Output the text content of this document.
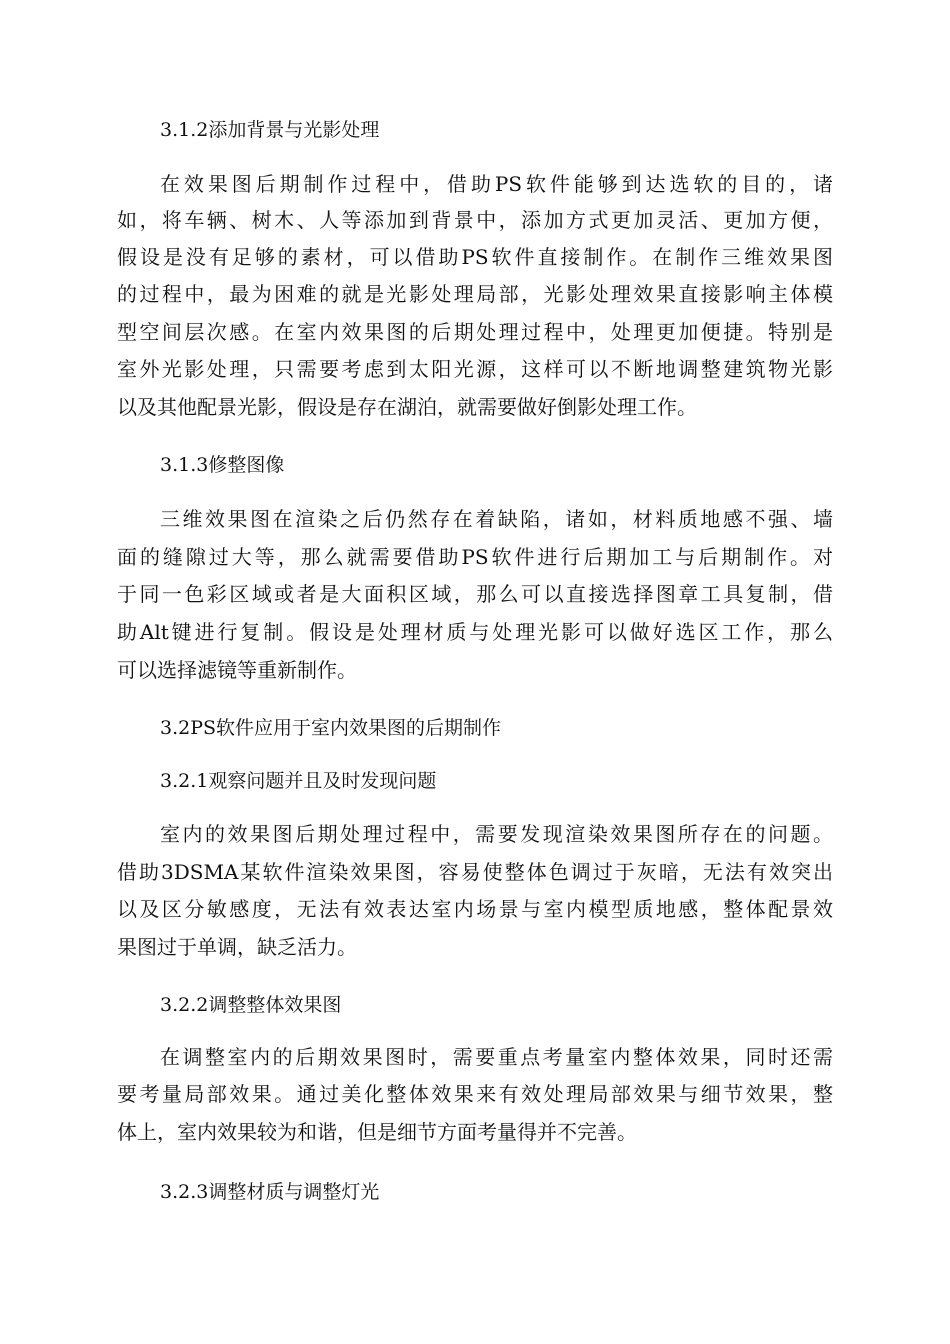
3.1.2添加背景与光影处理

在效果图后期制作过程中，借助PS软件能够到达选软的目的，诸

如，将车辆、树木、人等添加到背景中，添加方式更加灵活、更加方便，

假设是没有足够的素材，可以借助PS软件直接制作。在制作三维效果图

的过程中，最为困难的就是光影处理局部，光影处理效果直接影响主体模

型空间层次感。在室内效果图的后期处理过程中，处理更加便捷。特别是

室外光影处理，只需要考虑到太阳光源，这样可以不断地调整建筑物光影

以及其他配景光影，假设是存在湖泊，就需要做好倒影处理工作。

3.1.3修整图像

三维效果图在渲染之后仍然存在着缺陷，诸如，材料质地感不强、墙

面的缝隙过大等，那么就需要借助PS软件进行后期加工与后期制作。对

于同一色彩区域或者是大面积区域，那么可以直接选择图章工具复制，借

助Alt键进行复制。假设是处理材质与处理光影可以做好选区工作，那么

可以选择滤镜等重新制作。

3.2PS软件应用于室内效果图的后期制作
3.2.1观察问题并且及时发现问题

室内的效果图后期处理过程中，需要发现渲染效果图所存在的问题。

借助3DSMA某软件渲染效果图，容易使整体色调过于灰暗，无法有效突出

以及区分敏感度，无法有效表达室内场景与室内模型质地感，整体配景效

果图过于单调，缺乏活力。

3.2.2调整整体效果图

在调整室内的后期效果图时，需要重点考量室内整体效果，同时还需

要考量局部效果。通过美化整体效果来有效处理局部效果与细节效果，整

体上，室内效果较为和谐，但是细节方面考量得并不完善。

3.2.3调整材质与调整灯光
